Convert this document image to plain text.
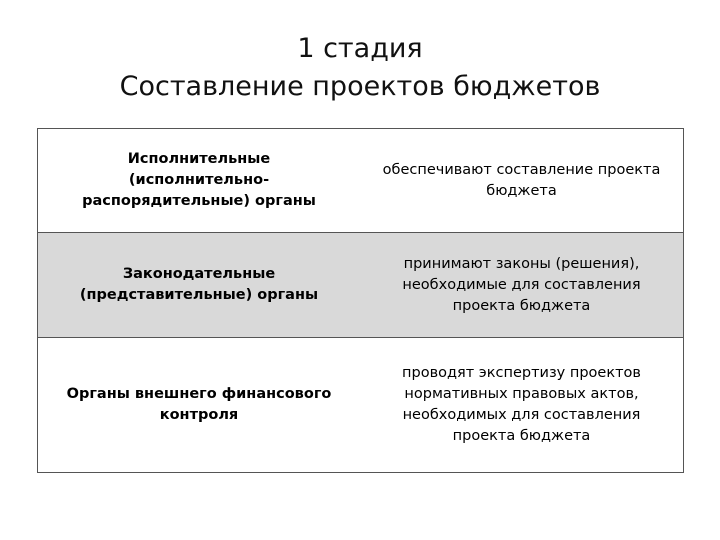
1 стадия
Составление проектов бюджетов
Исполнительные (исполнительно-распорядительные) органы
обеспечивают составление проекта бюджета
Законодательные (представительные) органы
принимают законы (решения), необходимые для составления проекта бюджета
Органы внешнего финансового контроля
проводят экспертизу проектов нормативных правовых актов, необходимых для составления проекта бюджета
